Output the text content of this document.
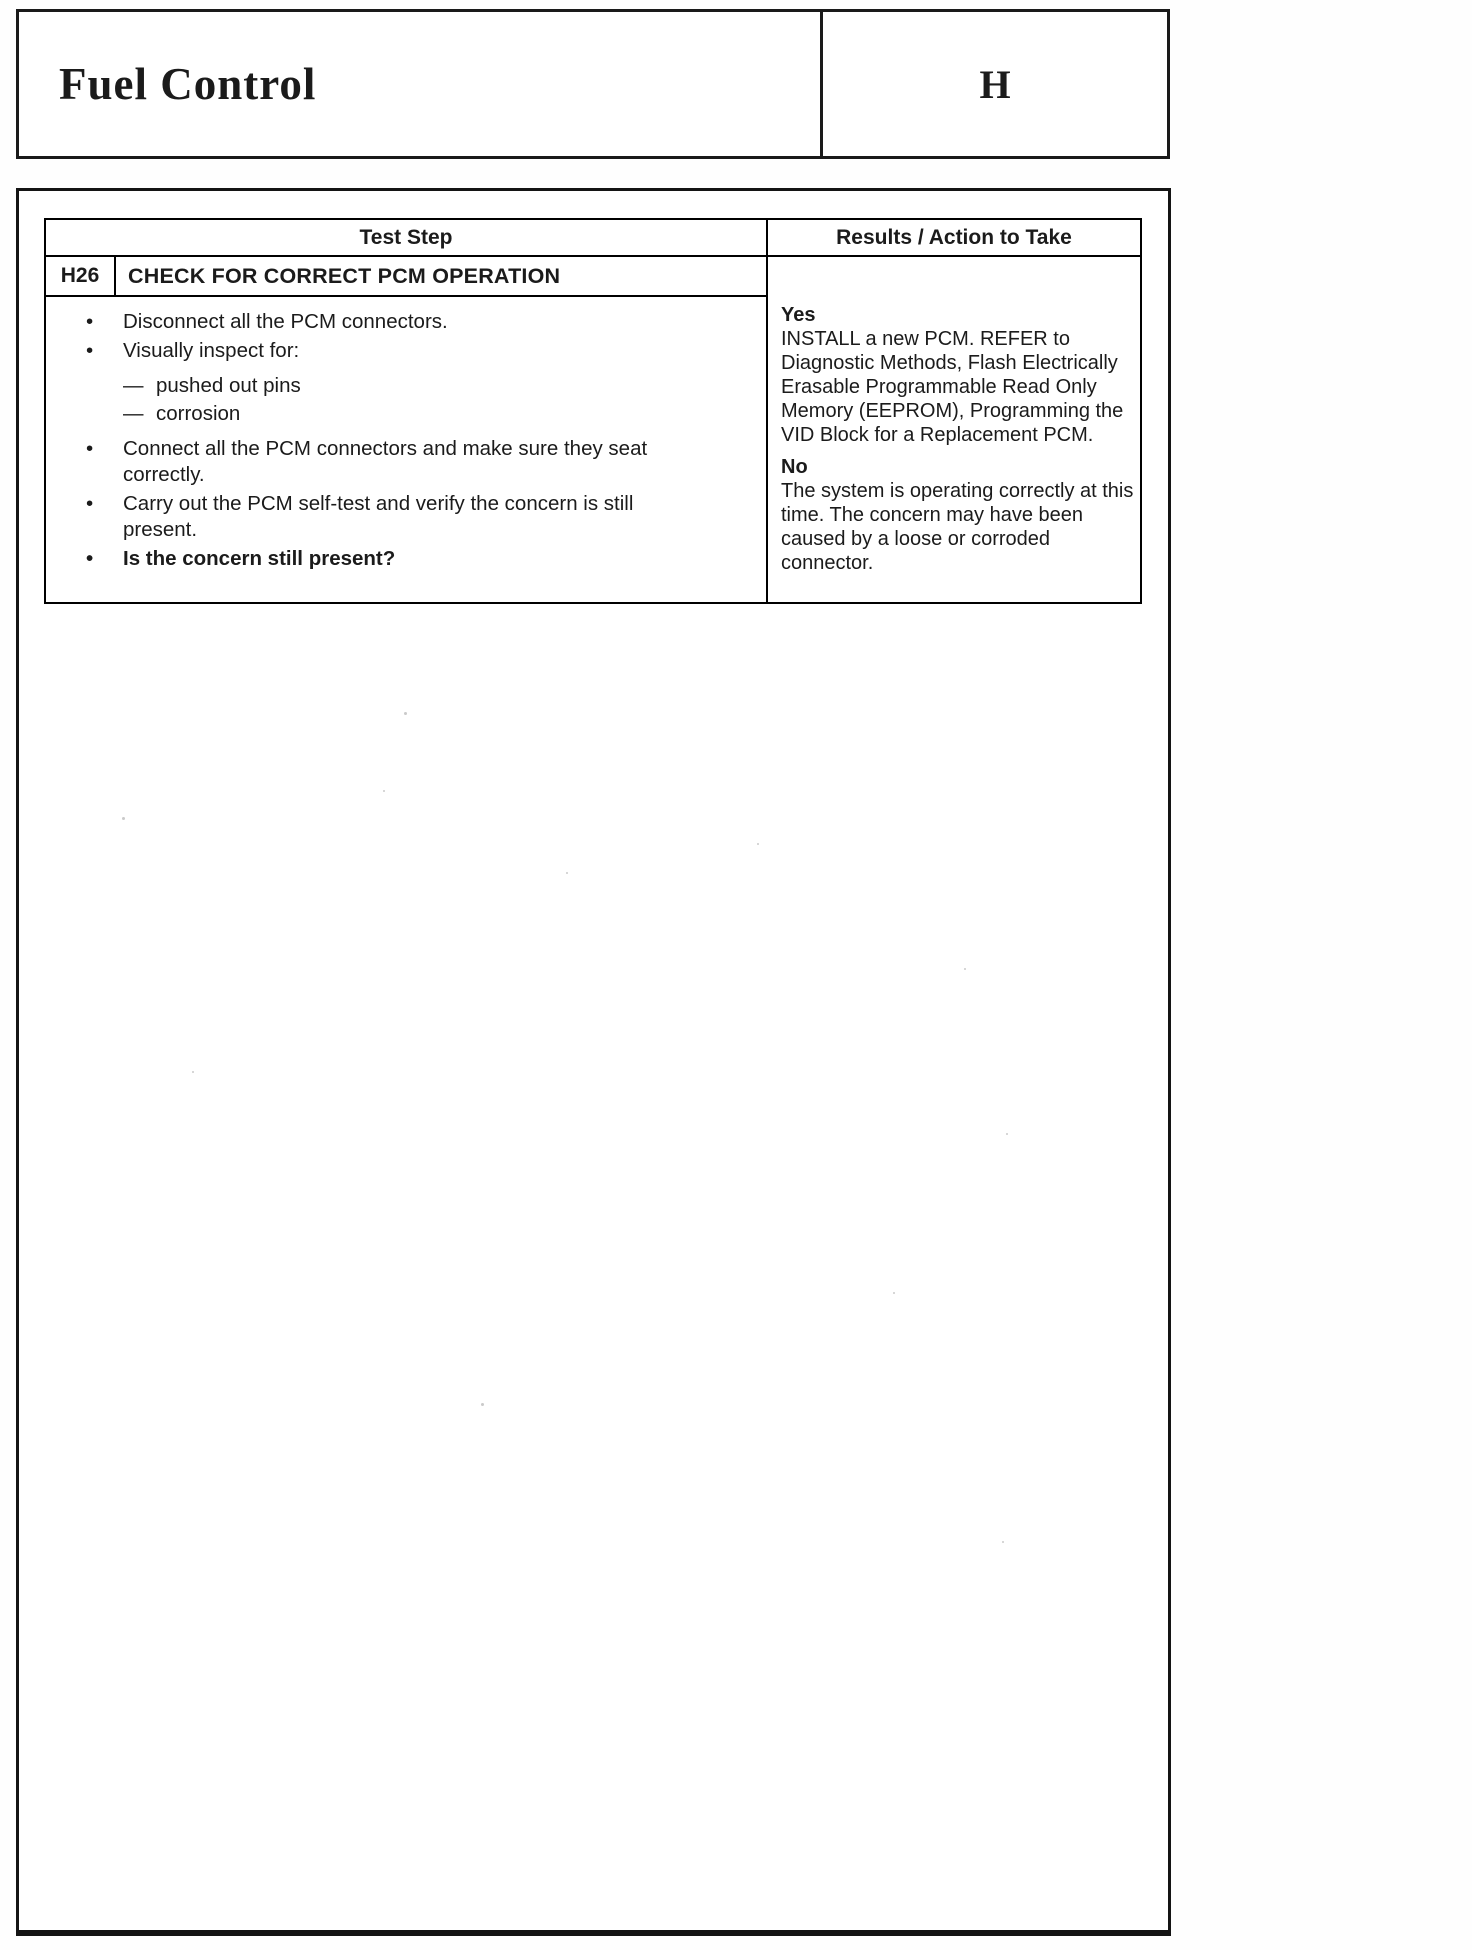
Fuel Control	H
Test Step	Results / Action to Take
H26	CHECK FOR CORRECT PCM OPERATION
•	Disconnect all the PCM connectors.
•	Visually inspect for:
— pushed out pins
— corrosion
•	Connect all the PCM connectors and make sure they seat correctly.
•	Carry out the PCM self-test and verify the concern is still present.
•	Is the concern still present?
Yes
INSTALL a new PCM. REFER to Diagnostic Methods, Flash Electrically Erasable Programmable Read Only Memory (EEPROM), Programming the VID Block for a Replacement PCM.
No
The system is operating correctly at this time. The concern may have been caused by a loose or corroded connector.
